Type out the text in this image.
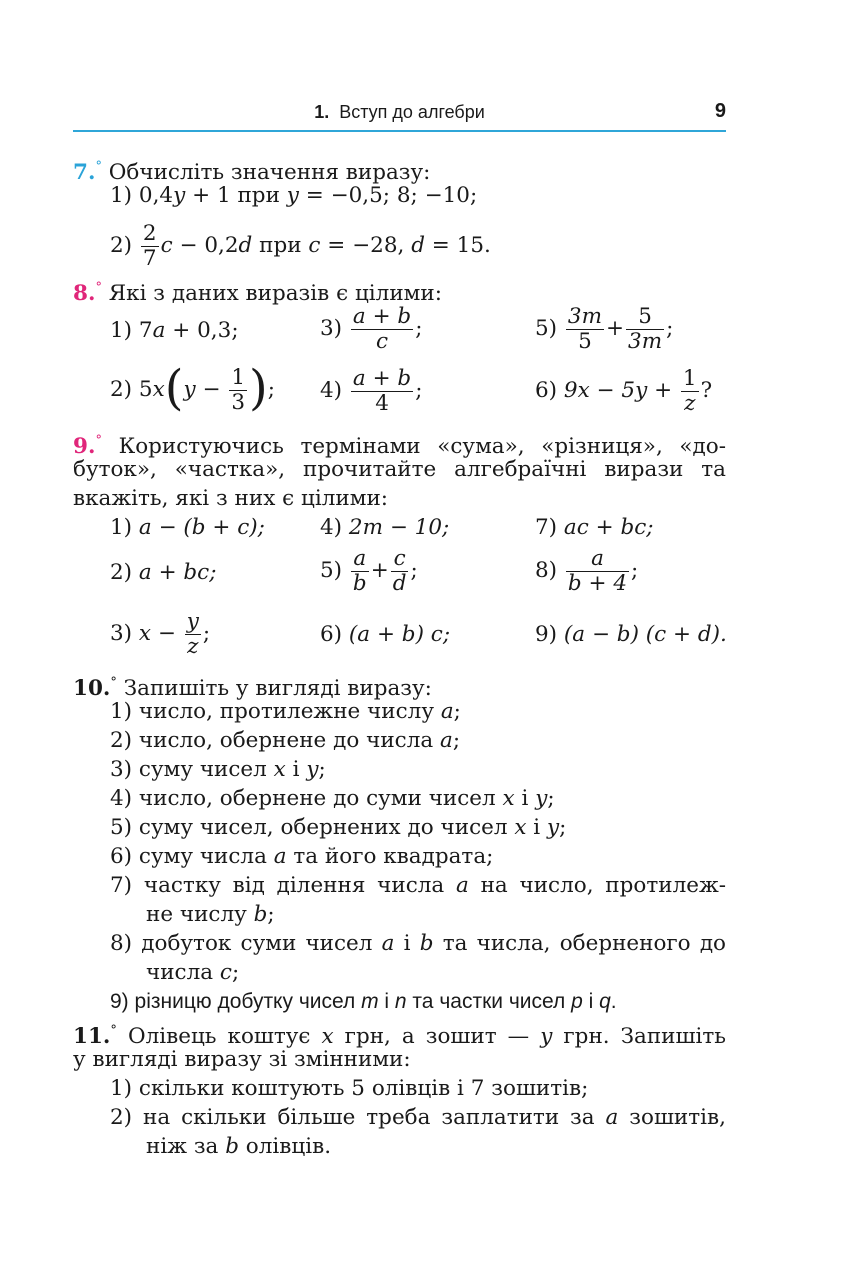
1. Вступ до алгебри	9
7.° Обчисліть значення виразу:
1) 0,4y + 1 при y = −0,5; 8; −10;
$2) \frac{2}{7}$ c − 0,2d при c = −28, d = 15.
8.° Які з даних виразів є цілими:
1) 7a + 0,3;	$3) \frac{a + b}{c}$ ;	$5) \frac{3m}{5} + \frac{5}{3m}$ ;
2) $5x(y - \frac{1}{3}$ ); $4) \frac{a + b}{4}$ ;	6) $9x - 5y + \frac{1}{z}$ ?
9.° Користуючись термінами «сума», «різниця», «до-
буток», «частка», прочитайте алгебраїчні вирази та
вкажіть, які з них є цілими:
1) a − (b + c);	4) 2m − 10;	7) ac + bc;
2) a + bc;	$5) \frac{a}{b} + \frac{c}{d}$ ;	$8) \frac{a}{b + 4}$ ;
3) $x - \frac{y}{z}$ ;	6) (a + b) c;	9) (a − b) (c + d).
10.° Запишіть у вигляді виразу:
1) число, протилежне числу a;
2) число, обернене до числа a;
3) суму чисел x і y;
4) число, обернене до суми чисел x і y;
5) суму чисел, обернених до чисел x і y;
6) суму числа a та його квадрата;
7) частку від ділення числа a на число, протилеж-
не числу b;
8) добуток суми чисел a і b та числа, оберненого до
числа c;
9) різницю добутку чисел m і n та частки чисел p і q.
11.° Олівець коштує x грн, а зошит — y грн. Запишіть
у вигляді виразу зі змінними:
1) скільки коштують 5 олівців і 7 зошитів;
2) на скільки більше треба заплатити за a зошитів,
ніж за b олівців.
